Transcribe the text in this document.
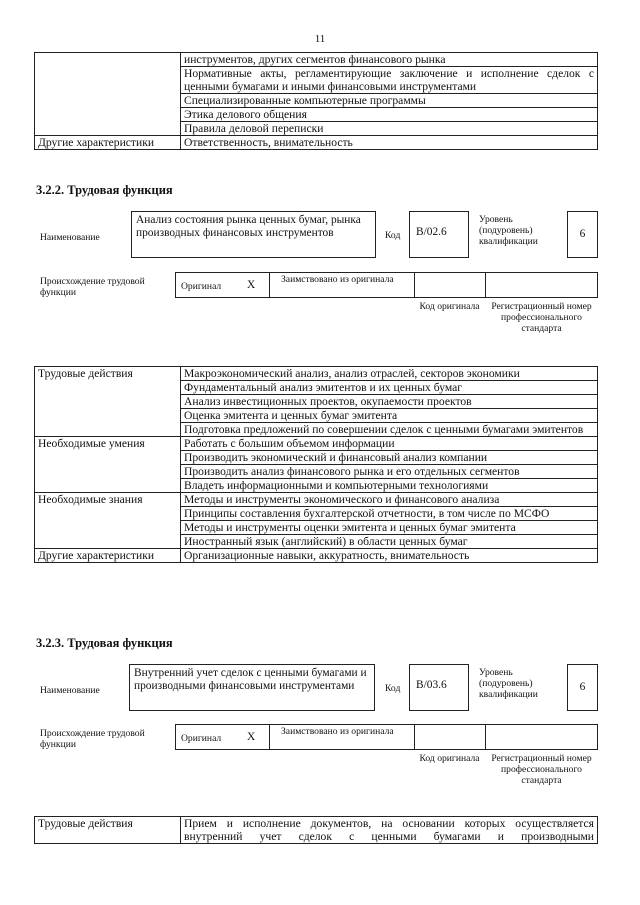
11
	инструментов, других сегментов финансового рынка
	Нормативные акты, регламентирующие заключение и исполнение сделок с ценными бумагами и иными финансовыми инструментами
	Специализированные компьютерные программы
	Этика делового общения
	Правила деловой переписки
Другие характеристики	Ответственность, внимательность
3.2.2. Трудовая функция
Наименование
Анализ состояния рынка ценных бумаг, рынка производных финансовых инструментов	Код	B/02.6
Уровень (подуровень) квалификации
6
Происхождение трудовой функции
Оригинал X	Заимствовано из оригинала
Код оригинала	Регистрационный номер профессионального стандарта
Трудовые действия	Макроэкономический анализ, анализ отраслей, секторов экономики
	Фундаментальный анализ эмитентов и их ценных бумаг
	Анализ инвестиционных проектов, окупаемости проектов
	Оценка эмитента и ценных бумаг эмитента
	Подготовка предложений по совершении сделок с ценными бумагами эмитентов
Необходимые умения	Работать с большим объемом информации
	Производить экономический и финансовый анализ компании
	Производить анализ финансового рынка и его отдельных сегментов
	Владеть информационными и компьютерными технологиями
Необходимые знания	Методы и инструменты экономического и финансового анализа
	Принципы составления бухгалтерской отчетности, в том числе по МСФО
	Методы и инструменты оценки эмитента и ценных бумаг эмитента
	Иностранный язык (английский) в области ценных бумаг
Другие характеристики	Организационные навыки, аккуратность, внимательность
3.2.3. Трудовая функция
Наименование
Внутренний учет сделок с ценными бумагами и производными финансовыми инструментами	Код	B/03.6
Уровень (подуровень) квалификации
6
Происхождение трудовой функции
Оригинал X	Заимствовано из оригинала
Код оригинала	Регистрационный номер профессионального стандарта
Трудовые действия	Прием и исполнение документов, на основании которых осуществляется внутренний учет сделок с ценными бумагами и производными
